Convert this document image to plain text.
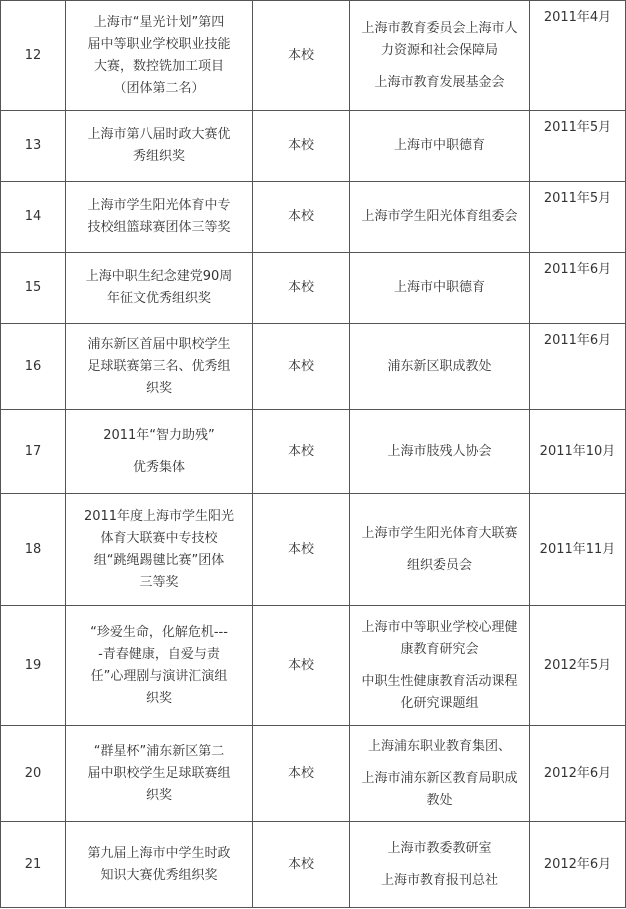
12	上海市“星光计划”第四
届中等职业学校职业技能
大赛，数控铣加工项目
（团体第二名）	本校	上海市教育委员会上海市人
力资源和社会保障局
上海市教育发展基金会	2011年4月
13	上海市第八届时政大赛优
秀组织奖	本校	上海市中职德育	2011年5月
14	上海市学生阳光体育中专
技校组篮球赛团体三等奖	本校	上海市学生阳光体育组委会	2011年5月
15	上海中职生纪念建党90周
年征文优秀组织奖	本校	上海市中职德育	2011年6月
16	浦东新区首届中职校学生
足球联赛第三名、优秀组
织奖	本校	浦东新区职成教处	2011年6月
17	2011年“智力助残”
优秀集体	本校	上海市肢残人协会	2011年10月
18	2011年度上海市学生阳光
体育大联赛中专技校
组“跳绳踢毽比赛”团体
三等奖	本校	上海市学生阳光体育大联赛
组织委员会	2011年11月
19	“珍爱生命，化解危机---
-青春健康，自爱与责
任”心理剧与演讲汇演组
织奖	本校	上海市中等职业学校心理健
康教育研究会
中职生性健康教育活动课程
化研究课题组	2012年5月
20	“群星杯”浦东新区第二
届中职校学生足球联赛组
织奖	本校	上海浦东职业教育集团、
上海市浦东新区教育局职成
教处	2012年6月
21	第九届上海市中学生时政
知识大赛优秀组织奖	本校	上海市教委教研室
上海市教育报刊总社	2012年6月
